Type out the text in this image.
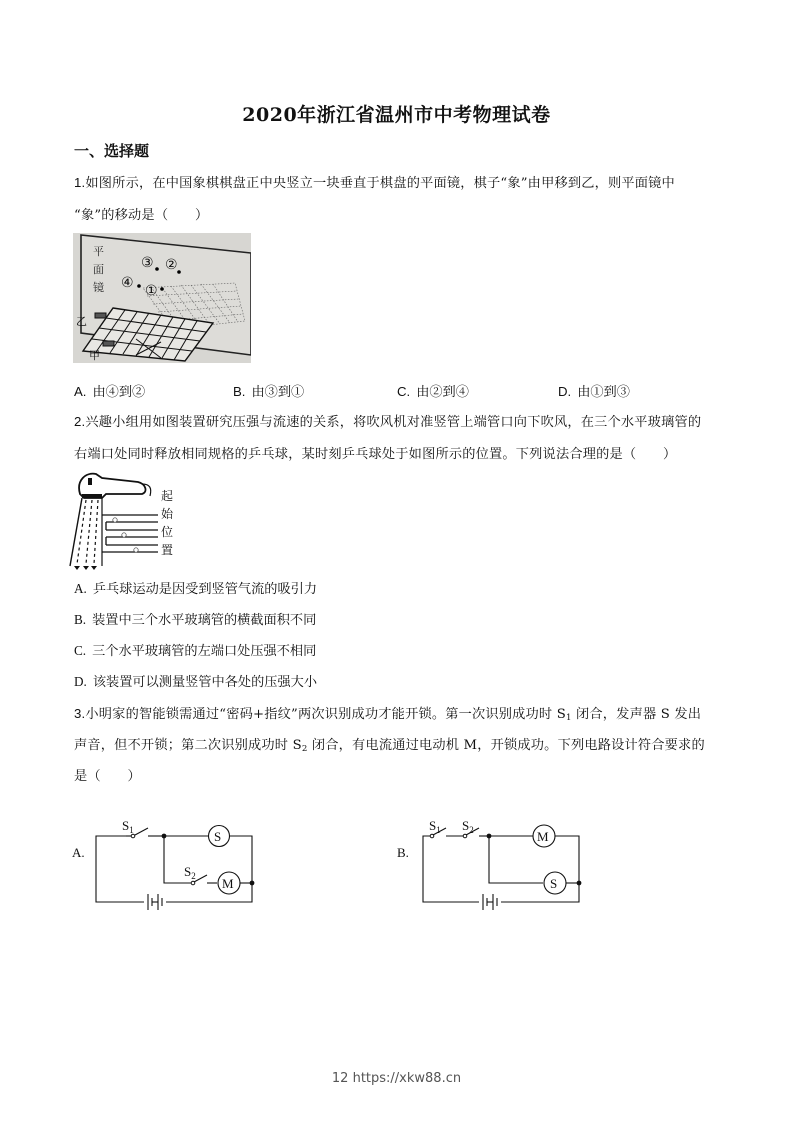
2020年浙江省温州市中考物理试卷
一、选择题
1.如图所示，在中国象棋棋盘正中央竖立一块垂直于棋盘的平面镜，棋子“象”由甲移到乙，则平面镜中
“象”的移动是（　　）
平
面
镜
③ ②
④ ①
乙
甲
A. 由④到②	B. 由③到①	C. 由②到④	D. 由①到③
2.兴趣小组用如图装置研究压强与流速的关系，将吹风机对准竖管上端管口向下吹风，在三个水平玻璃管的
右端口处同时释放相同规格的乒乓球，某时刻乒乓球处于如图所示的位置。下列说法合理的是（　　）
起
始
位
置
A. 乒乓球运动是因受到竖管气流的吸引力
B. 装置中三个水平玻璃管的横截面积不同
C. 三个水平玻璃管的左端口处压强不相同
D. 该装置可以测量竖管中各处的压强大小
3.小明家的智能锁需通过“密码+指纹”两次识别成功才能开锁。第一次识别成功时 $S_1$ 闭合，发声器 S 发出
声音，但不开锁；第二次识别成功时 $S_2$ 闭合，有电流通过电动机 M，开锁成功。下列电路设计符合要求的
是（　　）
A.
$S_1$
$S_2$
S
M
B.
$S_1$ $S_2$	M
S
12 https://xkw88.cn
